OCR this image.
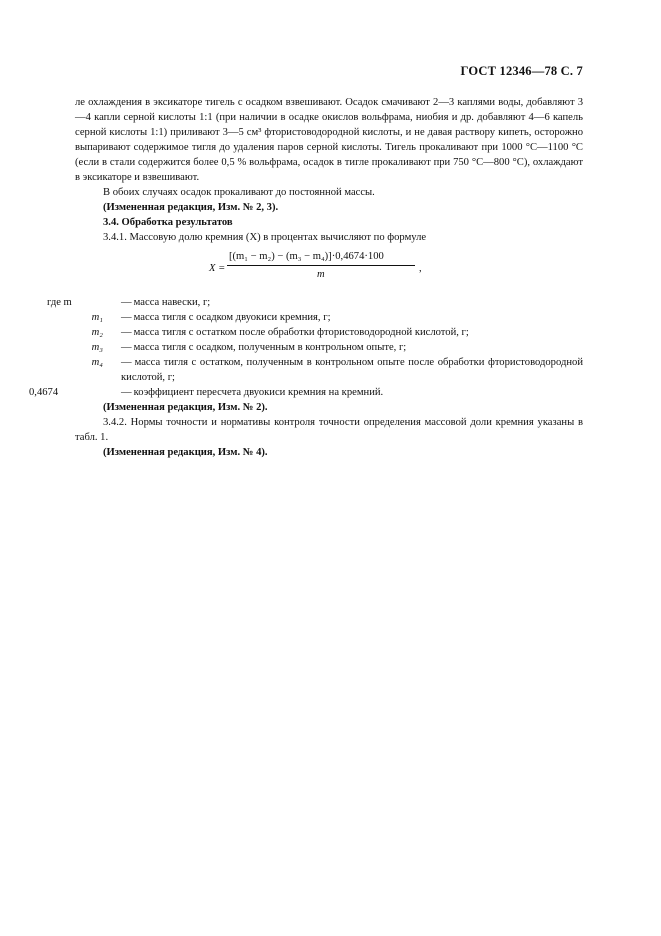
ГОСТ 12346—78 С. 7

ле охлаждения в эксикаторе тигель с осадком взвешивают. Осадок смачивают 2—3 каплями воды, добавляют 3—4 капли серной кислоты 1:1 (при наличии в осадке окислов вольфрама, ниобия и др. добавляют 4—6 капель серной кислоты 1:1) приливают 3—5 см³ фтористоводородной кислоты, и не давая раствору кипеть, осторожно выпаривают содержимое тигля до удаления паров серной кислоты. Тигель прокаливают при 1000 °С—1100 °С (если в стали содержится более 0,5 % вольфрама, осадок в тигле прокаливают при 750 °С—800 °С), охлаждают в эксикаторе и взвешивают.

В обоих случаях осадок прокаливают до постоянной массы.

(Измененная редакция, Изм. № 2, 3).

3.4. Обработка результатов

3.4.1. Массовую долю кремния (X) в процентах вычисляют по формуле

X =
[(m₁ − m₂) − (m₃ − m₄)]·0,4674·100
m
,

где m	— масса навески, г;

m₁ — масса тигля с осадком двуокиси кремния, г;

m₂ — масса тигля с остатком после обработки фтористоводородной кислотой, г;

m₃ — масса тигля с осадком, полученным в контрольном опыте, г;

m₄ — масса тигля с остатком, полученным в контрольном опыте после обработки фтористоводородной кислотой, г;

0,4674	— коэффициент пересчета двуокиси кремния на кремний.

(Измененная редакция, Изм. № 2).

3.4.2. Нормы точности и нормативы контроля точности определения массовой доли кремния указаны в табл. 1.

(Измененная редакция, Изм. № 4).
